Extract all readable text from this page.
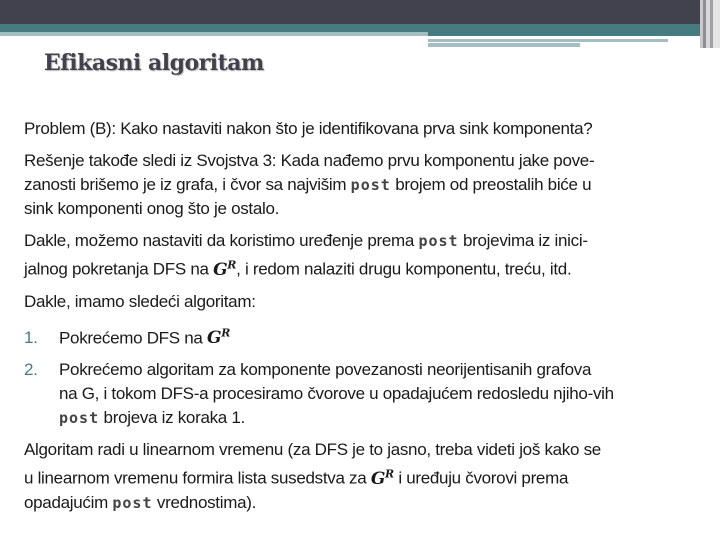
Efikasni algoritam
Problem (B): Kako nastaviti nakon što je identifikovana prva sink komponenta?
Rešenje takođe sledi iz Svojstva 3: Kada nađemo prvu komponentu jake pove-
zanosti brišemo je iz grafa, i čvor sa najvišim post brojem od preostalih biće u
sink komponenti onog što je ostalo.
Dakle, možemo nastaviti da koristimo uređenje prema post brojevima iz inici-
jalnog pokretanja DFS na $G^R$, i redom nalaziti drugu komponentu, treću, itd.
Dakle, imamo sledeći algoritam:
1. Pokrećemo DFS na $G^R$
2. Pokrećemo algoritam za komponente povezanosti neorijentisanih grafova
na G, i tokom DFS-a procesiramo čvorove u opadajućem redosledu njiho-vih
post brojeva iz koraka 1.
Algoritam radi u linearnom vremenu (za DFS je to jasno, treba videti još kako se
u linearnom vremenu formira lista susedstva za $G^R$ i uređuju čvorovi prema
opadajućim post vrednostima).
